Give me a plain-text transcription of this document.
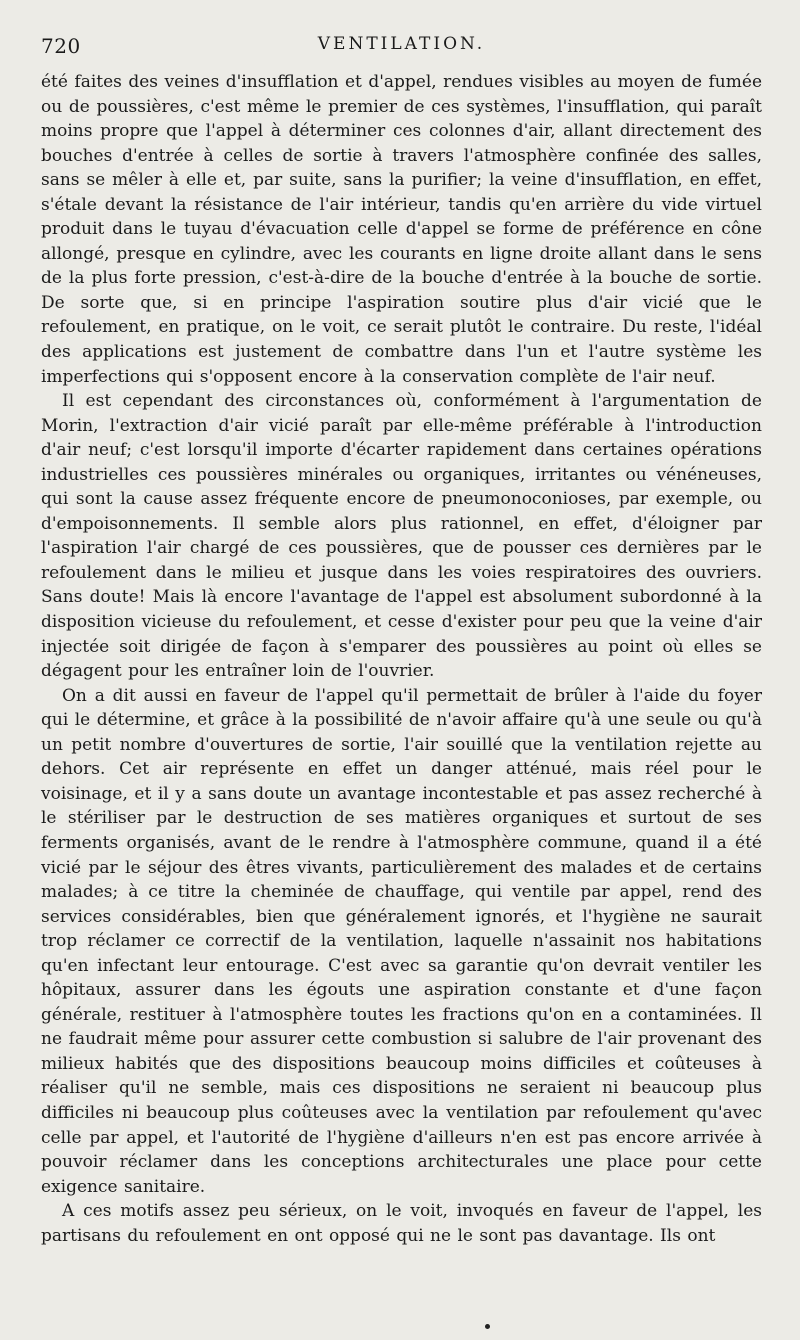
720	VENTILATION.

été faites des veines d'insufflation et d'appel, rendues visibles au moyen de fumée ou de poussières, c'est même le premier de ces systèmes, l'insufflation, qui paraît moins propre que l'appel à déterminer ces colonnes d'air, allant directement des bouches d'entrée à celles de sortie à travers l'atmosphère confinée des salles, sans se mêler à elle et, par suite, sans la purifier; la veine d'insufflation, en effet, s'étale devant la résistance de l'air intérieur, tandis qu'en arrière du vide virtuel produit dans le tuyau d'évacuation celle d'appel se forme de préférence en cône allongé, presque en cylindre, avec les courants en ligne droite allant dans le sens de la plus forte pression, c'est-à-dire de la bouche d'entrée à la bouche de sortie. De sorte que, si en principe l'aspiration soutire plus d'air vicié que le refoulement, en pratique, on le voit, ce serait plutôt le contraire. Du reste, l'idéal des applications est justement de combattre dans l'un et l'autre système les imperfections qui s'opposent encore à la conservation complète de l'air neuf.

Il est cependant des circonstances où, conformément à l'argumentation de Morin, l'extraction d'air vicié paraît par elle-même préférable à l'introduction d'air neuf; c'est lorsqu'il importe d'écarter rapidement dans certaines opérations industrielles ces poussières minérales ou organiques, irritantes ou vénéneuses, qui sont la cause assez fréquente encore de pneumonoconioses, par exemple, ou d'empoisonnements. Il semble alors plus rationnel, en effet, d'éloigner par l'aspiration l'air chargé de ces poussières, que de pousser ces dernières par le refoulement dans le milieu et jusque dans les voies respiratoires des ouvriers. Sans doute! Mais là encore l'avantage de l'appel est absolument subordonné à la disposition vicieuse du refoulement, et cesse d'exister pour peu que la veine d'air injectée soit dirigée de façon à s'emparer des poussières au point où elles se dégagent pour les entraîner loin de l'ouvrier.

On a dit aussi en faveur de l'appel qu'il permettait de brûler à l'aide du foyer qui le détermine, et grâce à la possibilité de n'avoir affaire qu'à une seule ou qu'à un petit nombre d'ouvertures de sortie, l'air souillé que la ventilation rejette au dehors. Cet air représente en effet un danger atténué, mais réel pour le voisinage, et il y a sans doute un avantage incontestable et pas assez recherché à le stériliser par le destruction de ses matières organiques et surtout de ses ferments organisés, avant de le rendre à l'atmosphère commune, quand il a été vicié par le séjour des êtres vivants, particulièrement des malades et de certains malades; à ce titre la cheminée de chauffage, qui ventile par appel, rend des services considérables, bien que généralement ignorés, et l'hygiène ne saurait trop réclamer ce correctif de la ventilation, laquelle n'assainit nos habitations qu'en infectant leur entourage. C'est avec sa garantie qu'on devrait ventiler les hôpitaux, assurer dans les égouts une aspiration constante et d'une façon générale, restituer à l'atmosphère toutes les fractions qu'on en a contaminées. Il ne faudrait même pour assurer cette combustion si salubre de l'air provenant des milieux habités que des dispositions beaucoup moins difficiles et coûteuses à réaliser qu'il ne semble, mais ces dispositions ne seraient ni beaucoup plus difficiles ni beaucoup plus coûteuses avec la ventilation par refoulement qu'avec celle par appel, et l'autorité de l'hygiène d'ailleurs n'en est pas encore arrivée à pouvoir réclamer dans les conceptions architecturales une place pour cette exigence sanitaire.

A ces motifs assez peu sérieux, on le voit, invoqués en faveur de l'appel, les partisans du refoulement en ont opposé qui ne le sont pas davantage. Ils ont
